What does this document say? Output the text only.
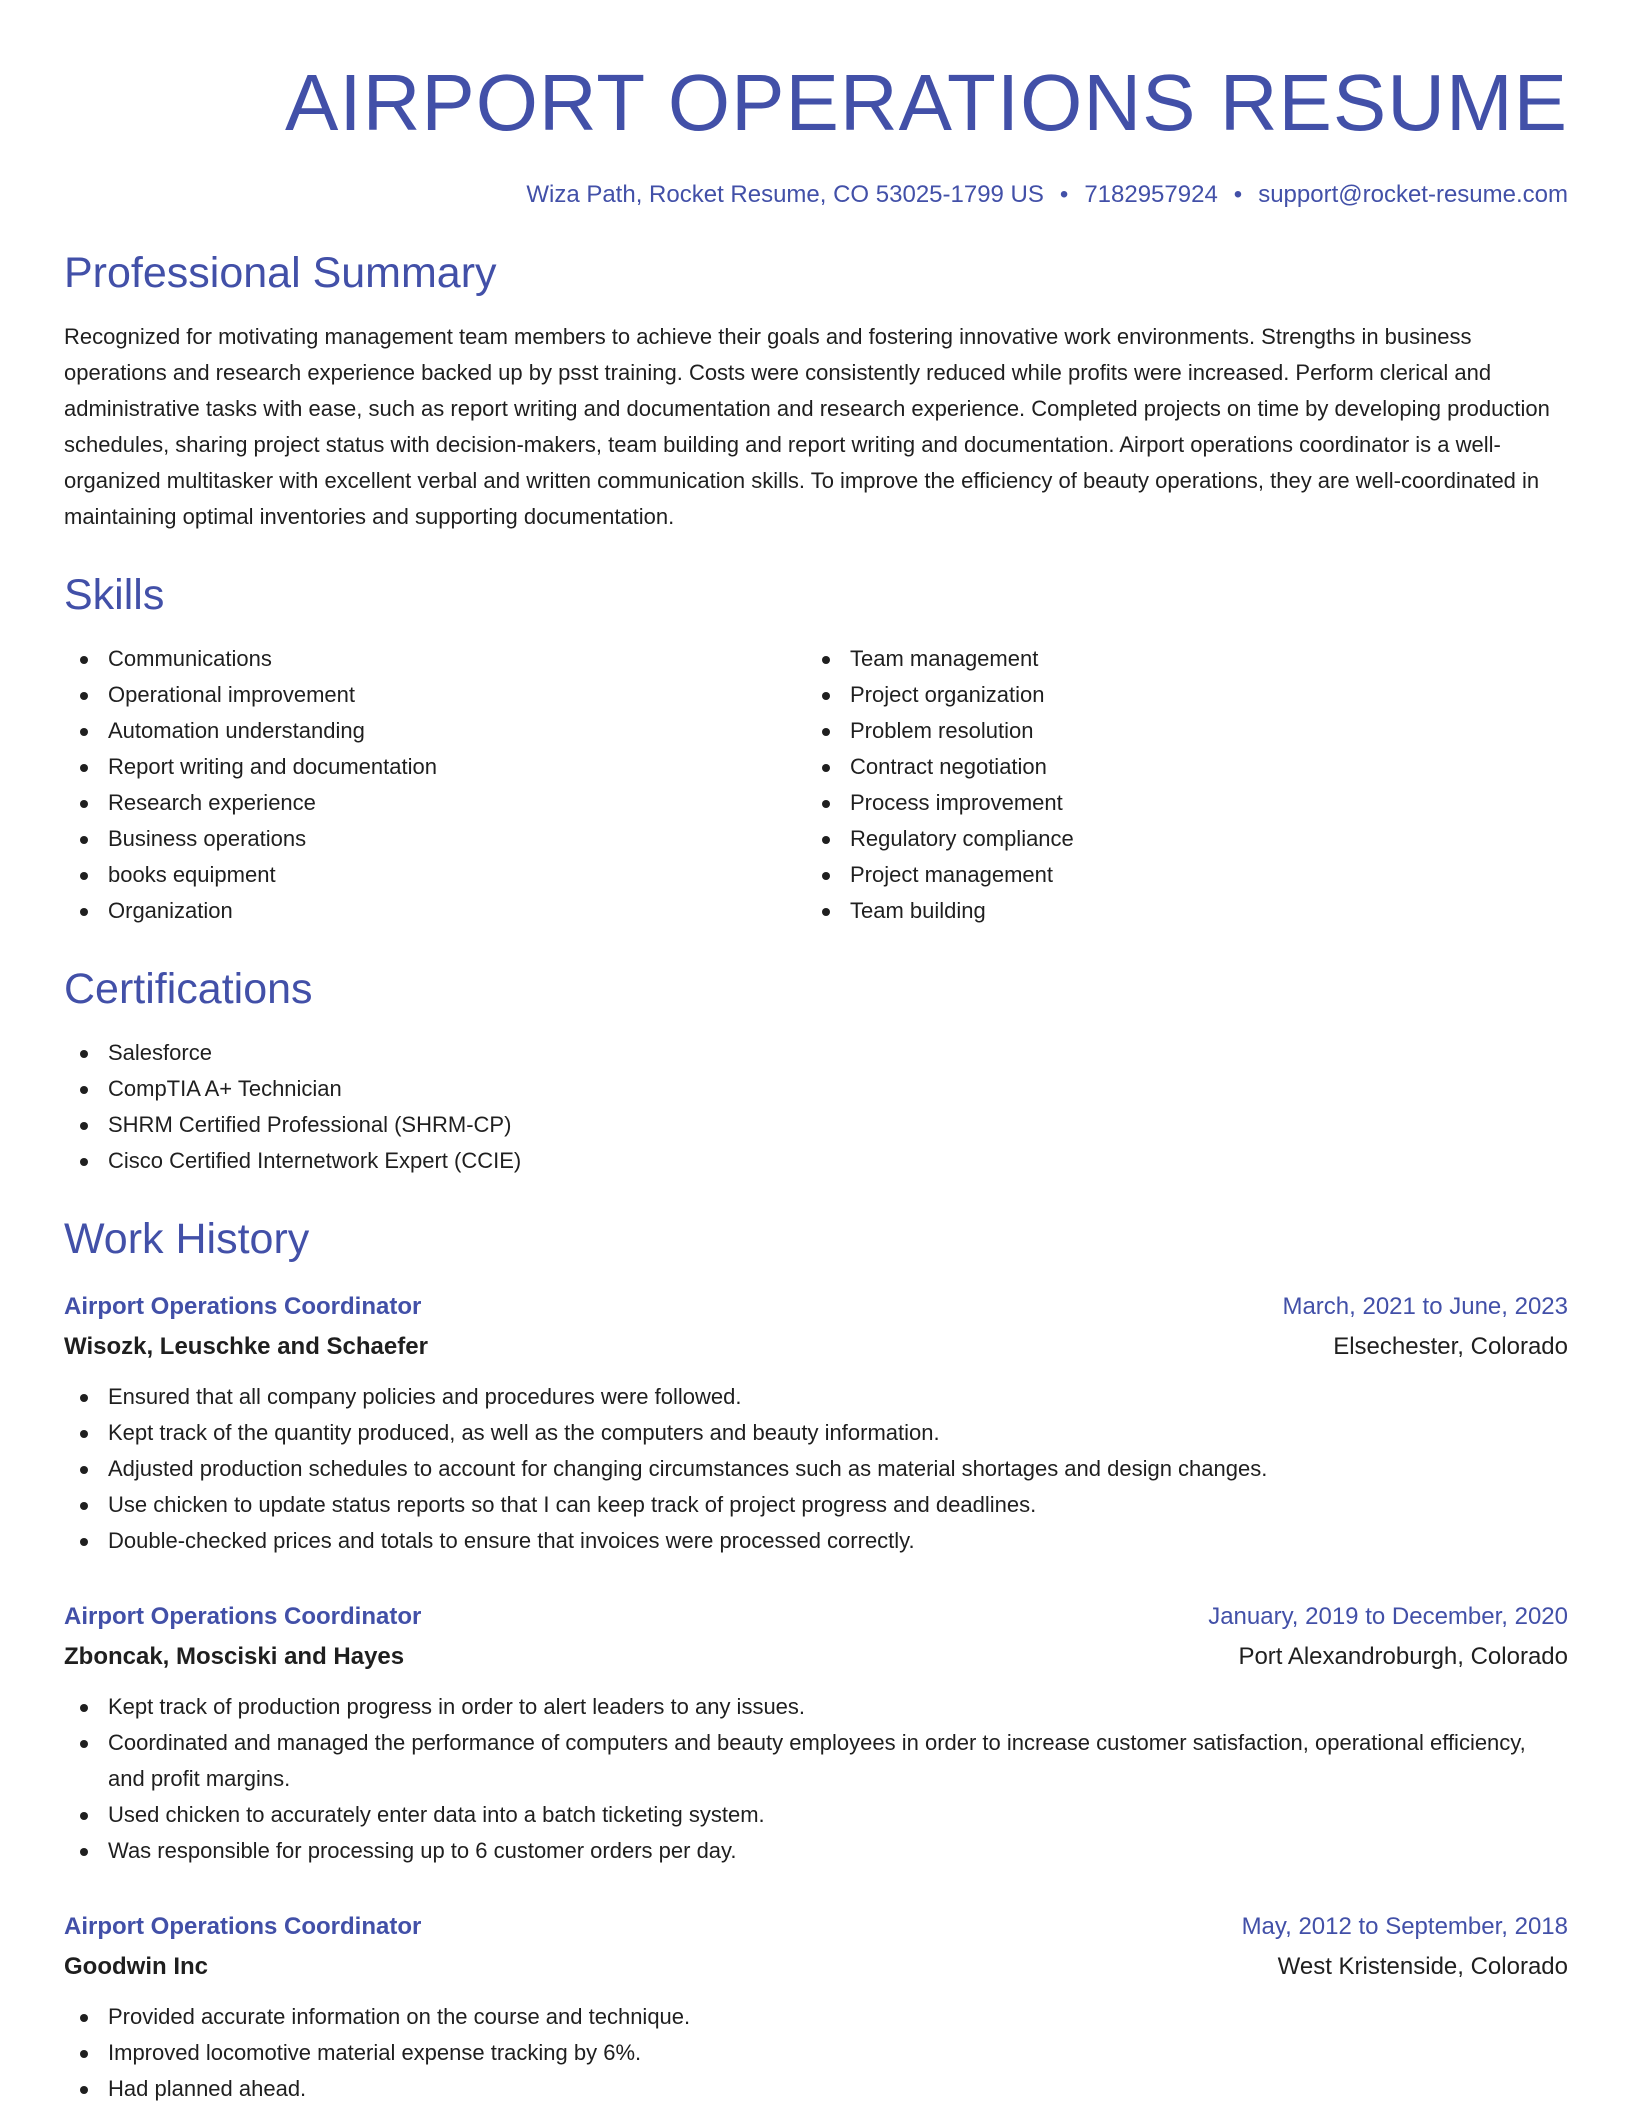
AIRPORT OPERATIONS RESUME
Wiza Path, Rocket Resume, CO 53025-1799 US • 7182957924 • support@rocket-resume.com
Professional Summary

Recognized for motivating management team members to achieve their goals and fostering innovative work environments. Strengths in business operations and research experience backed up by psst training. Costs were consistently reduced while profits were increased. Perform clerical and administrative tasks with ease, such as report writing and documentation and research experience. Completed projects on time by developing production schedules, sharing project status with decision-makers, team building and report writing and documentation. Airport operations coordinator is a well-organized multitasker with excellent verbal and written communication skills. To improve the efficiency of beauty operations, they are well-coordinated in maintaining optimal inventories and supporting documentation.

Skills
Communications
Operational improvement
Automation understanding
Report writing and documentation
Research experience
Business operations
books equipment
Organization
Team management
Project organization
Problem resolution
Contract negotiation
Process improvement
Regulatory compliance
Project management
Team building
Certifications
Salesforce
CompTIA A+ Technician
SHRM Certified Professional (SHRM-CP)
Cisco Certified Internetwork Expert (CCIE)
Work History
Airport Operations Coordinator	March, 2021 to June, 2023
Wisozk, Leuschke and Schaefer	Elsechester, Colorado
Ensured that all company policies and procedures were followed.
Kept track of the quantity produced, as well as the computers and beauty information.
Adjusted production schedules to account for changing circumstances such as material shortages and design changes.
Use chicken to update status reports so that I can keep track of project progress and deadlines.
Double-checked prices and totals to ensure that invoices were processed correctly.
Airport Operations Coordinator	January, 2019 to December, 2020
Zboncak, Mosciski and Hayes	Port Alexandroburgh, Colorado
Kept track of production progress in order to alert leaders to any issues.
Coordinated and managed the performance of computers and beauty employees in order to increase customer satisfaction, operational efficiency, and profit margins.
Used chicken to accurately enter data into a batch ticketing system.
Was responsible for processing up to 6 customer orders per day.
Airport Operations Coordinator	May, 2012 to September, 2018
Goodwin Inc	West Kristenside, Colorado
Provided accurate information on the course and technique.
Improved locomotive material expense tracking by 6%.
Had planned ahead.
